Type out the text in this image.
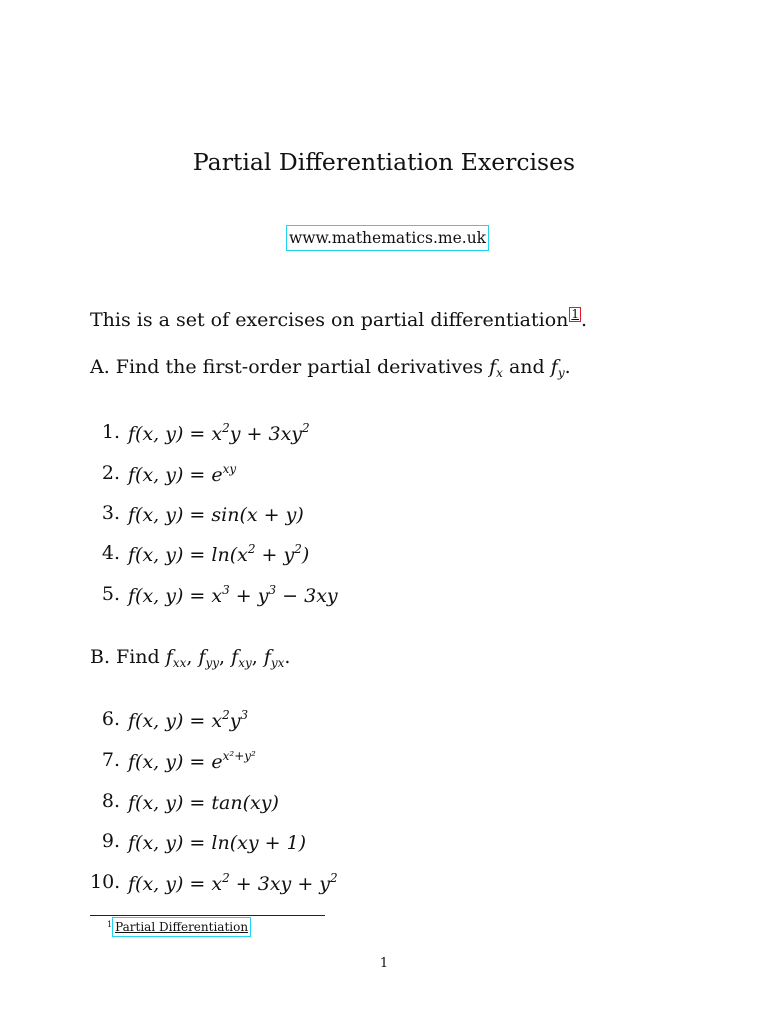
Partial Differentiation Exercises
www.mathematics.me.uk
This is a set of exercises on partial differentiation 1 .
A. Find the first-order partial derivatives $f_x$ and $f_y$.
B. Find $f_{xx}$, $f_{yy}$, $f_{xy}$, $f_{yx}$.
1. f(x, $y) = x^2y + 3xy^2$
2. f(x, $y) = e^{xy}$
3. f(x, y) = sin(x + y)
4. f(x, $y) = \ln(x^2 + y^2)$
5. f(x, $y) = x^3 + y^3 - 3xy$
6. f(x, $y) = x^2y^3$
7. f(x, $y) = e^{x^2+y^2}$
8. f(x, y) = tan(xy)
9. f(x, y) = ln(xy + 1)
10. f(x, $y) = x^2 + 3xy + y^2$
$^1$ Partial Differentiation
1
